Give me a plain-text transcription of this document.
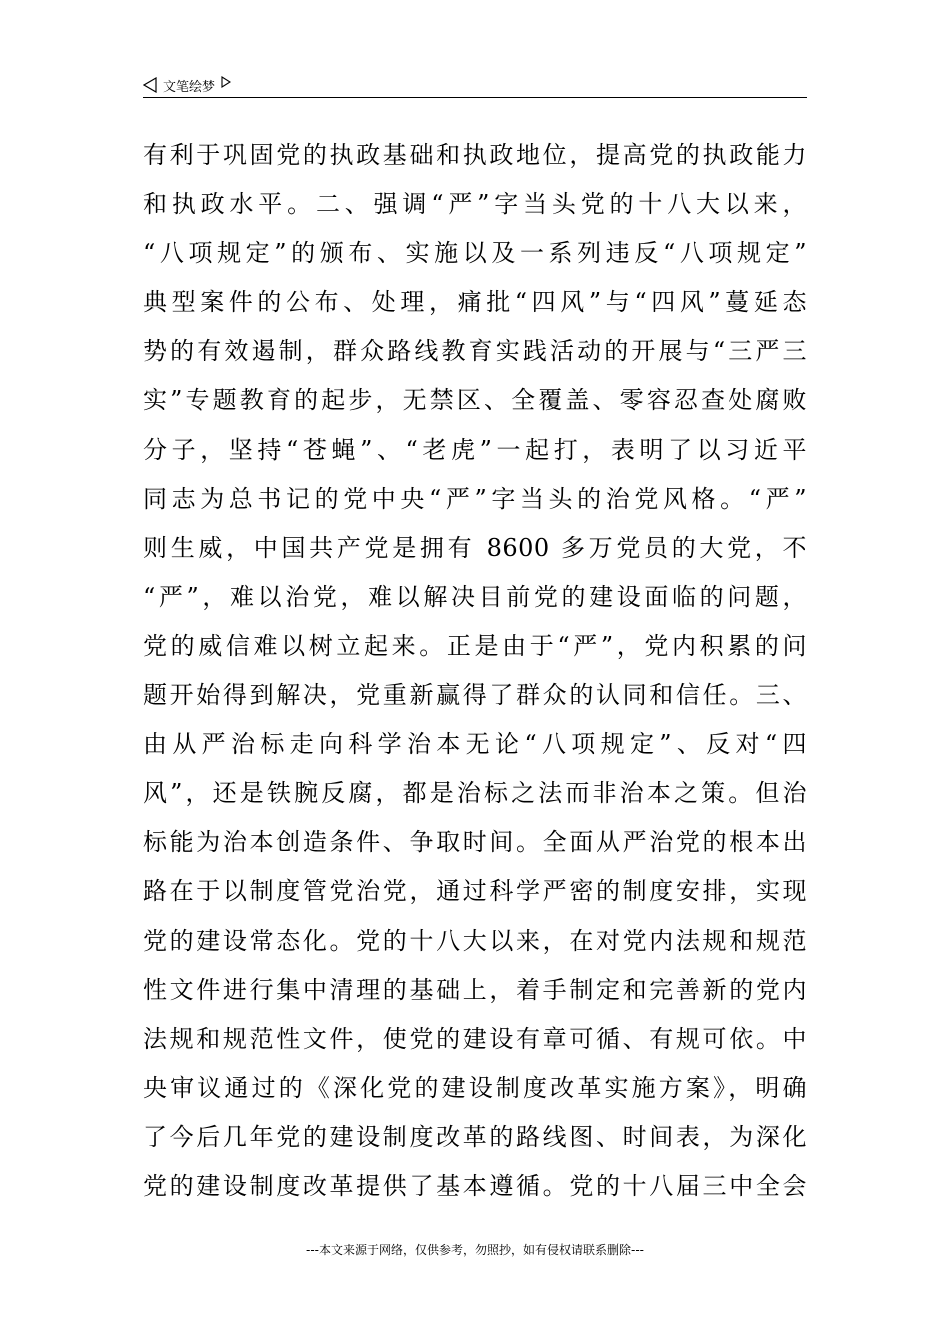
文笔绘梦
有利于巩固党的执政基础和执政地位，提高党的执政能力
和执政水平。二、强调“严”字当头党的十八大以来，
“八项规定”的颁布、实施以及一系列违反“八项规定”
典型案件的公布、处理，痛批“四风”与“四风”蔓延态
势的有效遏制，群众路线教育实践活动的开展与“三严三
实”专题教育的起步，无禁区、全覆盖、零容忍查处腐败
分子，坚持“苍蝇”、“老虎”一起打，表明了以习近平
同志为总书记的党中央“严”字当头的治党风格。“严”
则生威，中国共产党是拥有 8600 多万党员的大党，不
“严”，难以治党，难以解决目前党的建设面临的问题，
党的威信难以树立起来。正是由于“严”，党内积累的问
题开始得到解决，党重新赢得了群众的认同和信任。三、
由从严治标走向科学治本无论“八项规定”、反对“四
风”，还是铁腕反腐，都是治标之法而非治本之策。但治
标能为治本创造条件、争取时间。全面从严治党的根本出
路在于以制度管党治党，通过科学严密的制度安排，实现
党的建设常态化。党的十八大以来，在对党内法规和规范
性文件进行集中清理的基础上，着手制定和完善新的党内
法规和规范性文件，使党的建设有章可循、有规可依。中
央审议通过的《深化党的建设制度改革实施方案》，明确
了今后几年党的建设制度改革的路线图、时间表，为深化
党的建设制度改革提供了基本遵循。党的十八届三中全会
---本文来源于网络，仅供参考，勿照抄，如有侵权请联系删除---
